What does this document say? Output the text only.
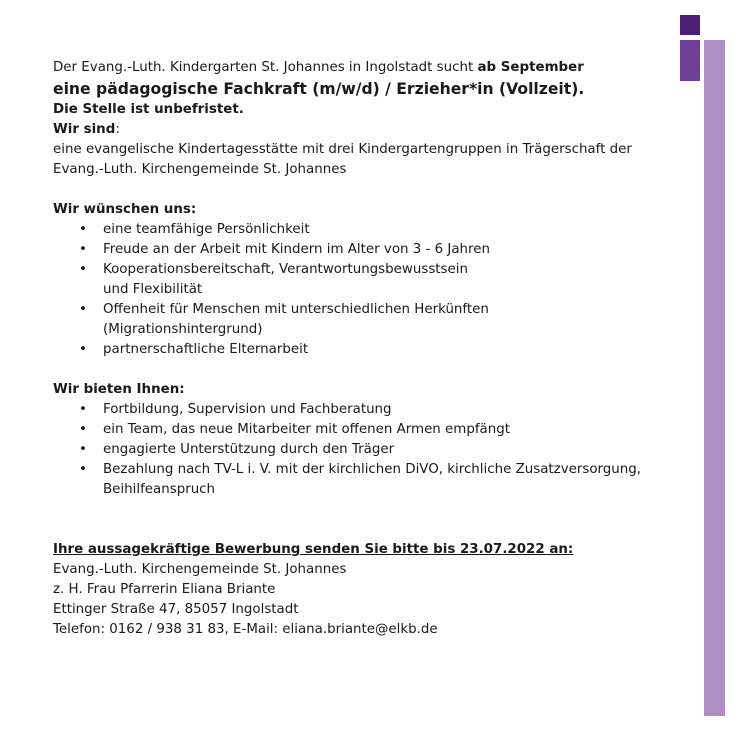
Der Evang.-Luth. Kindergarten St. Johannes in Ingolstadt sucht ab September

eine pädagogische Fachkraft (m/w/d) / Erzieher*in (Vollzeit).

Die Stelle ist unbefristet.

Wir sind:

eine evangelische Kindertagesstätte mit drei Kindergartengruppen in Trägerschaft der Evang.-Luth. Kirchengemeinde St. Johannes

Wir wünschen uns:

• eine teamfähige Persönlichkeit
• Freude an der Arbeit mit Kindern im Alter von 3 - 6 Jahren
• Kooperationsbereitschaft, Verantwortungsbewusstsein
und Flexibilität
• Offenheit für Menschen mit unterschiedlichen Herkünften
(Migrationshintergrund)
• partnerschaftliche Elternarbeit

Wir bieten Ihnen:

• Fortbildung, Supervision und Fachberatung
• ein Team, das neue Mitarbeiter mit offenen Armen empfängt
• engagierte Unterstützung durch den Träger
• Bezahlung nach TV-L i. V. mit der kirchlichen DiVO, kirchliche Zusatzversorgung,
Beihilfeanspruch

Ihre aussagekräftige Bewerbung senden Sie bitte bis 23.07.2022 an:

Evang.-Luth. Kirchengemeinde St. Johannes

z. H. Frau Pfarrerin Eliana Briante

Ettinger Straße 47, 85057 Ingolstadt

Telefon: 0162 / 938 31 83, E-Mail: eliana.briante@elkb.de
